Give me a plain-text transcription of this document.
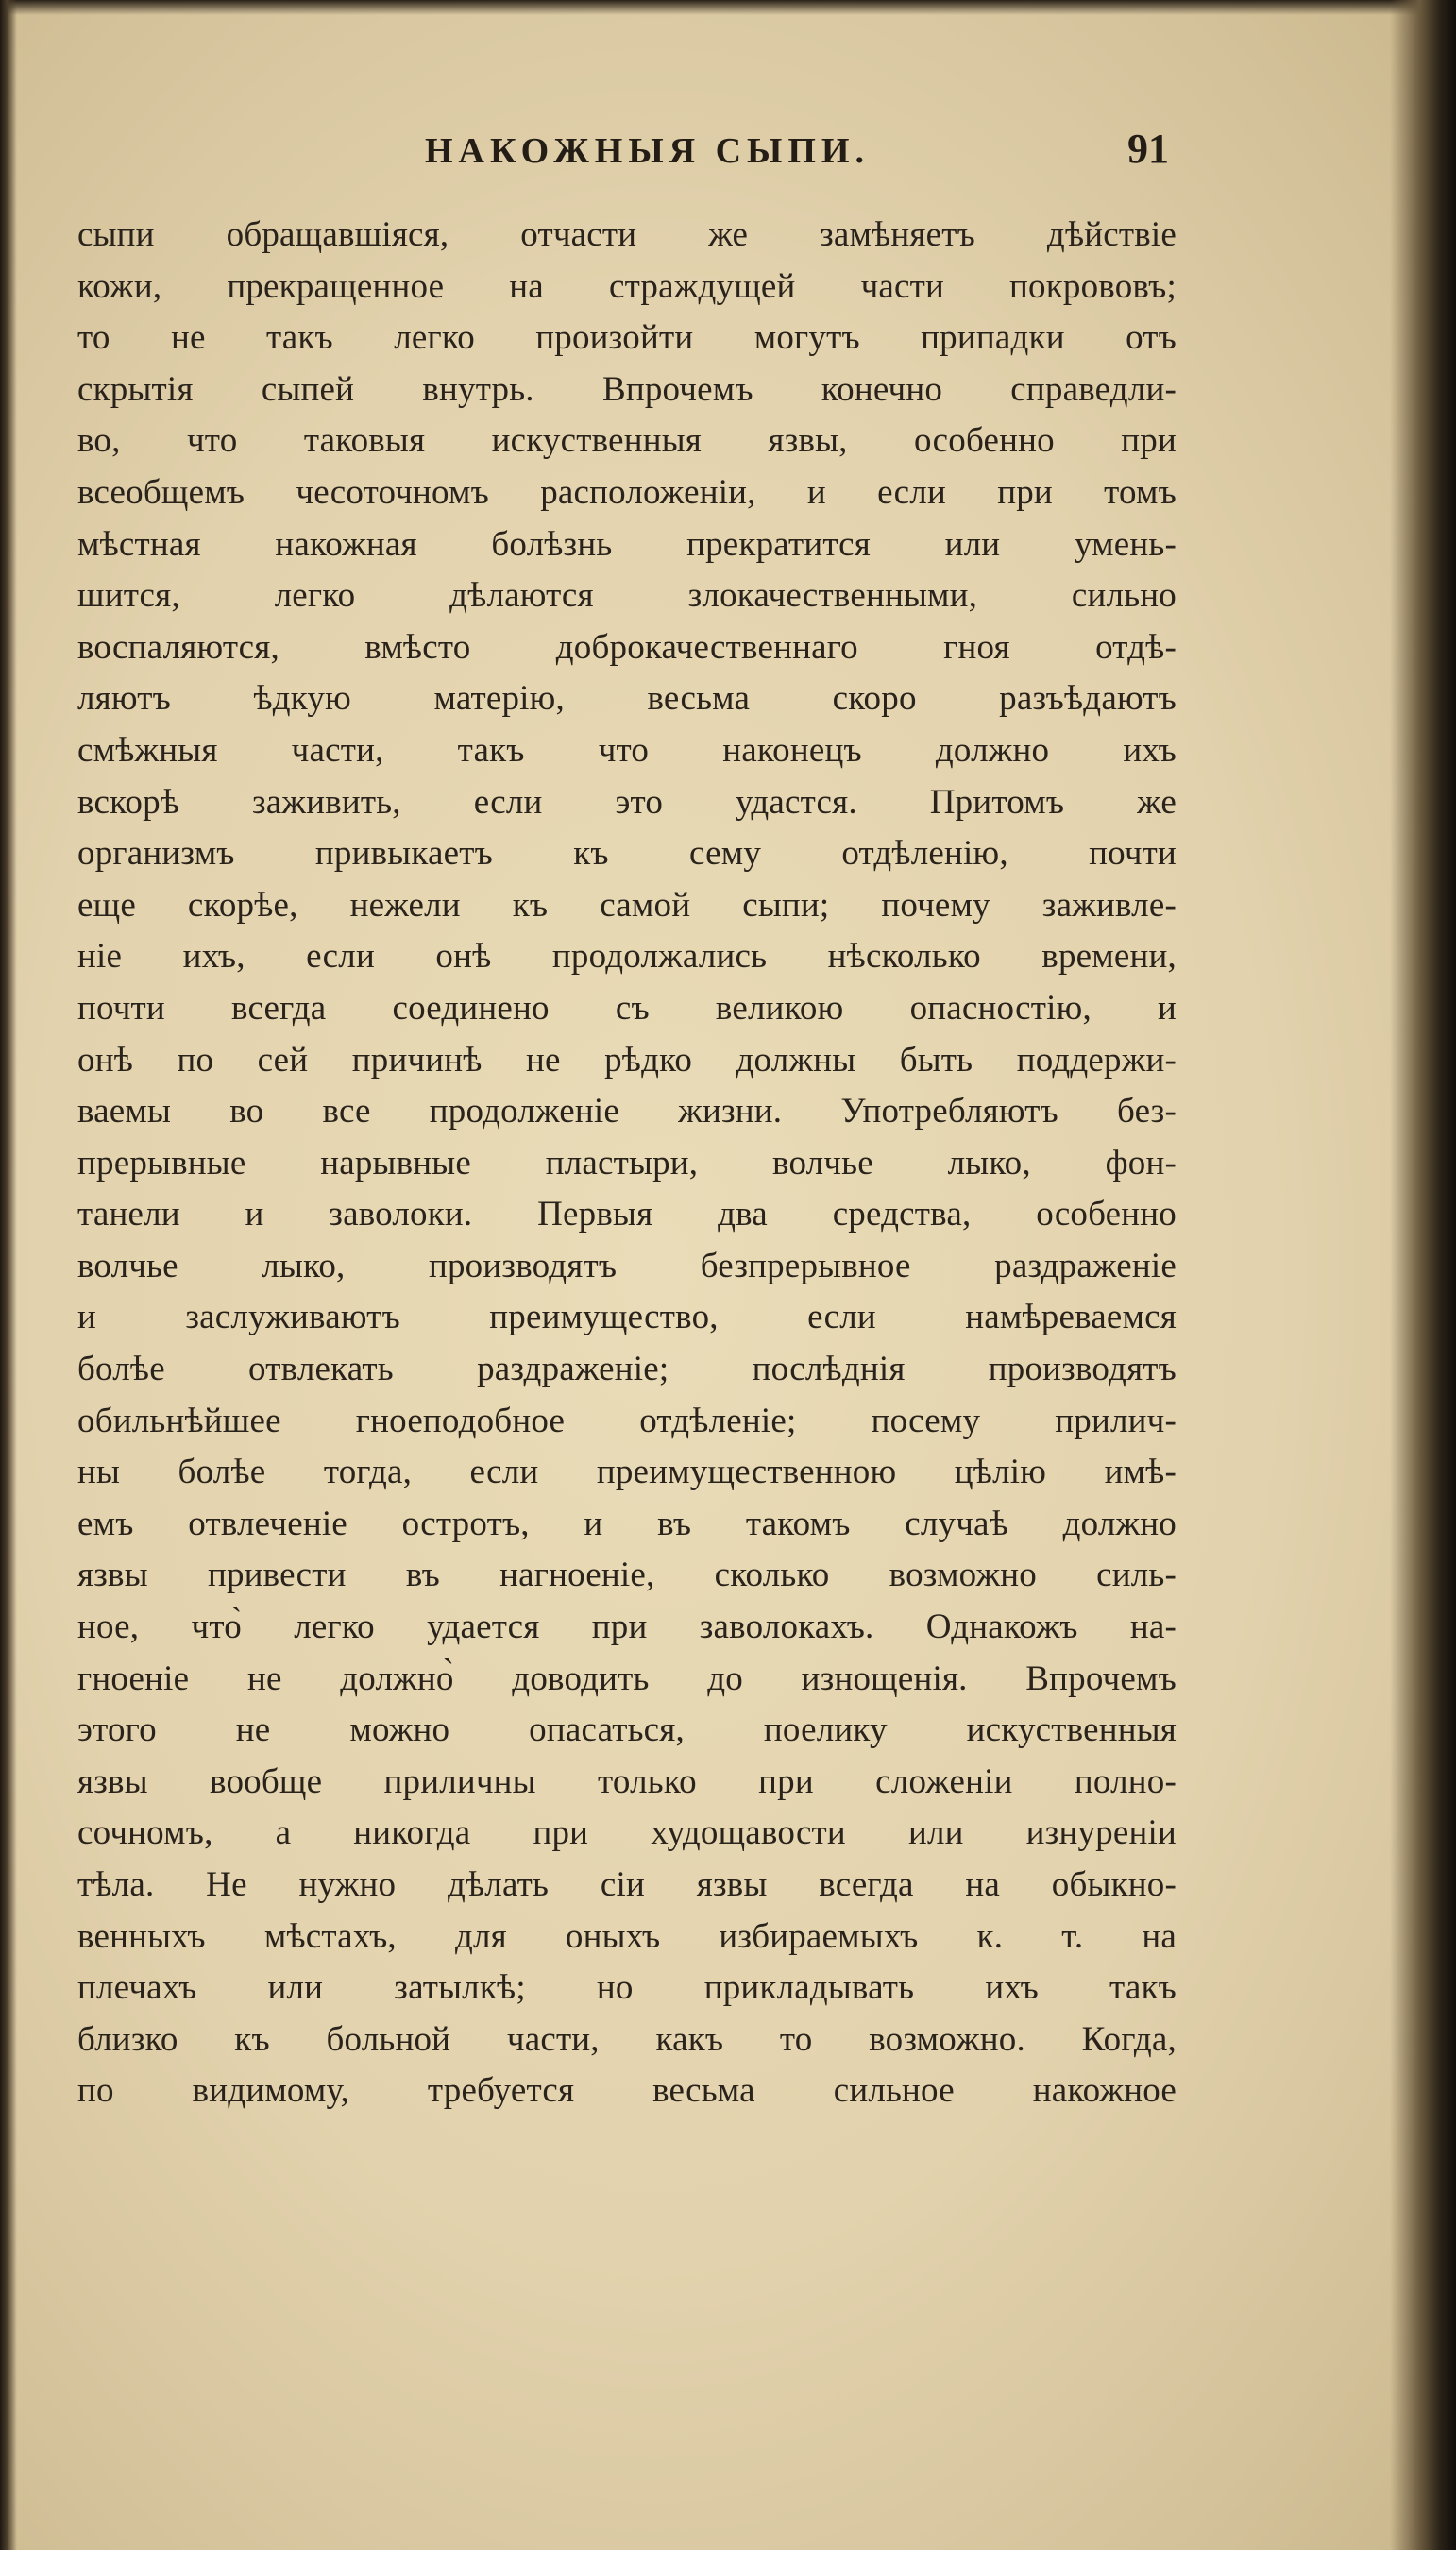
НАКОЖНЫЯ СЫПИ.	91
сыпи обращавшіяся, отчасти же замѣняетъ дѣйствіе
кожи, прекращенное на страждущей части покрововъ;
то не такъ легко произойти могутъ припадки отъ
скрытія сыпей внутрь. Впрочемъ конечно справедли-
во, что таковыя искуственныя язвы, особенно при
всеобщемъ чесоточномъ расположеніи, и если при томъ
мѣстная накожная болѣзнь прекратится или умень-
шится, легко дѣлаются злокачественными, сильно
воспаляются, вмѣсто доброкачественнаго гноя отдѣ-
ляютъ ѣдкую матерію, весьма скоро разъѣдаютъ
смѣжныя части, такъ что наконецъ должно ихъ
вскорѣ заживить, если это удастся. Притомъ же
организмъ привыкаетъ къ сему отдѣленію, почти
еще скорѣе, нежели къ самой сыпи; почему заживле-
ніе ихъ, если онѣ продолжались нѣсколько времени,
почти всегда соединено съ великою опасностію, и
онѣ по сей причинѣ не рѣдко должны быть поддержи-
ваемы во все продолженіе жизни. Употребляютъ без-
прерывные нарывные пластыри, волчье лыко, фон-
танели и заволоки. Первыя два средства, особенно
волчье лыко, производятъ безпрерывное раздраженіе
и заслуживаютъ преимущество, если намѣреваемся
болѣе отвлекать раздраженіе; послѣднія производятъ
обильнѣйшее гноеподобное отдѣленіе; посему прилич-
ны болѣе тогда, если преимущественною цѣлію имѣ-
емъ отвлеченіе остротъ, и въ такомъ случаѣ должно
язвы привести въ нагноеніе, сколько возможно силь-
ное, что̀ легко удается при заволокахъ. Однакожъ на-
гноеніе не должно̀ доводить до изнощенія. Впрочемъ
этого не можно опасаться, поелику искуственныя
язвы вообще приличны только при сложеніи полно-
сочномъ, а никогда при худощавости или изнуреніи
тѣла. Не нужно дѣлать сіи язвы всегда на обыкно-
венныхъ мѣстахъ, для оныхъ избираемыхъ к. т. на
плечахъ или затылкѣ; но прикладывать ихъ такъ
близко къ больной части, какъ то возможно. Когда,
по видимому, требуется весьма сильное накожное
